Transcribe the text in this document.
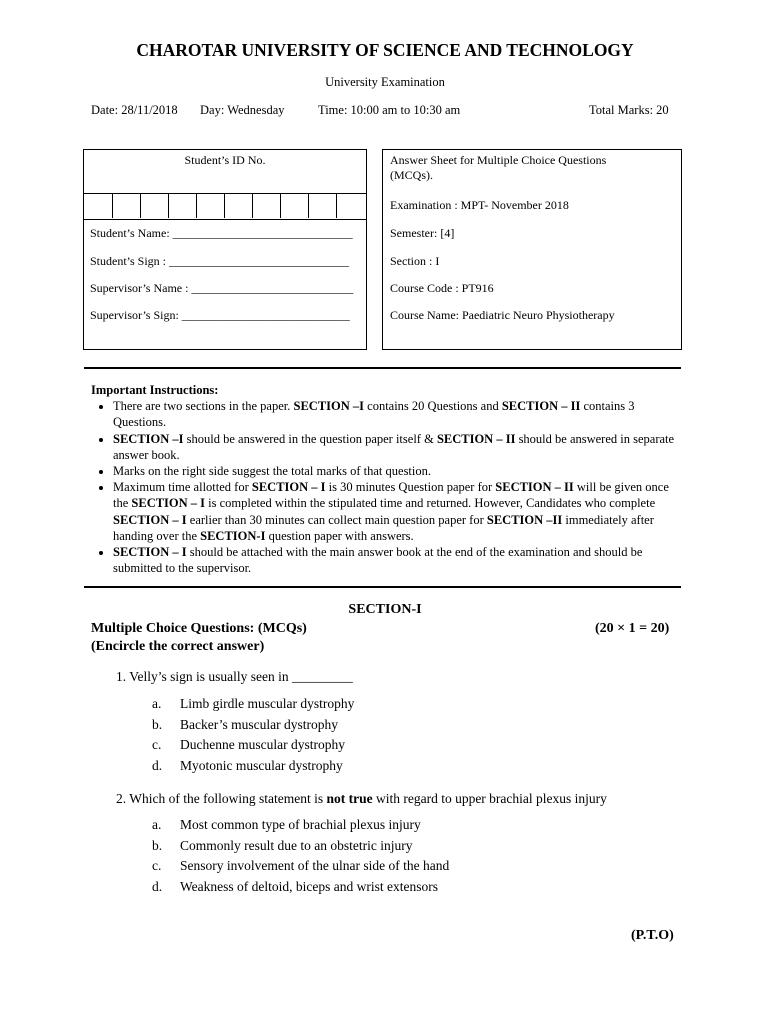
CHAROTAR UNIVERSITY OF SCIENCE AND TECHNOLOGY
University Examination
Date: 28/11/2018 Day: Wednesday	Time: 10:00 am to 10:30 am	Total Marks: 20
Student’s ID No.
Student’s Name: ______________________________
Student’s Sign : ______________________________
Supervisor’s Name : ___________________________
Supervisor’s Sign: ____________________________
Answer Sheet for Multiple Choice Questions
(MCQs).
Examination : MPT- November 2018
Semester: [4]
Section : I
Course Code : PT916
Course Name: Paediatric Neuro Physiotherapy
Important Instructions:
• There are two sections in the paper. SECTION –I contains 20 Questions and SECTION – II contains 3 Questions.
• SECTION –I should be answered in the question paper itself & SECTION – II should be answered in separate answer book.
• Marks on the right side suggest the total marks of that question.
• Maximum time allotted for SECTION – I is 30 minutes Question paper for SECTION – II will be given once the SECTION – I is completed within the stipulated time and returned. However, Candidates who complete SECTION – I earlier than 30 minutes can collect main question paper for SECTION –II immediately after handing over the SECTION-I question paper with answers.
• SECTION – I should be attached with the main answer book at the end of the examination and should be submitted to the supervisor.
SECTION-I
Multiple Choice Questions: (MCQs)	(20 × 1 = 20)
(Encircle the correct answer)
1. Velly’s sign is usually seen in _________
a.	Limb girdle muscular dystrophy
b.	Backer’s muscular dystrophy
c.	Duchenne muscular dystrophy
d.	Myotonic muscular dystrophy
2. Which of the following statement is not true with regard to upper brachial plexus injury
a.	Most common type of brachial plexus injury
b.	Commonly result due to an obstetric injury
c.	Sensory involvement of the ulnar side of the hand
d.	Weakness of deltoid, biceps and wrist extensors
(P.T.O)
